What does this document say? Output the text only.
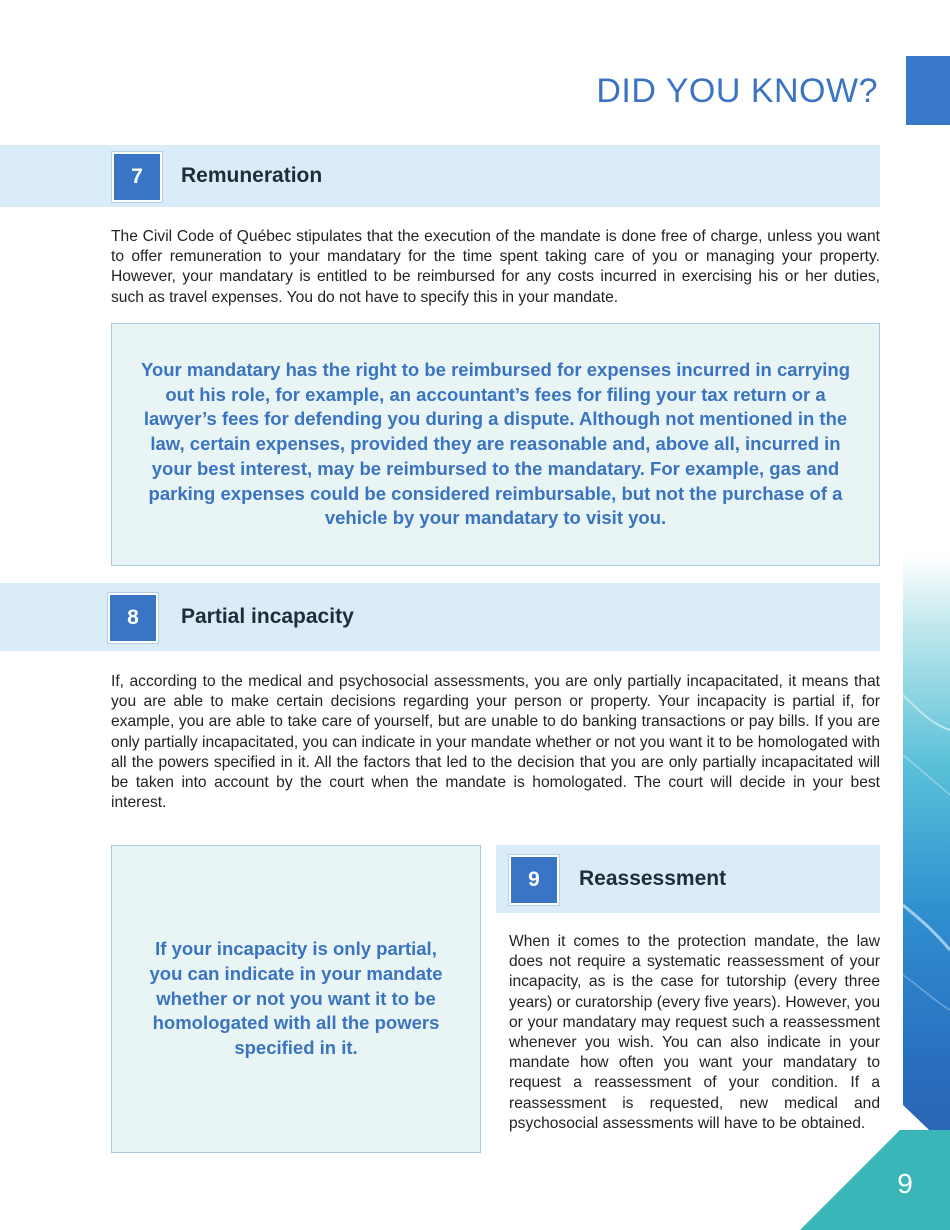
DID YOU KNOW?
9
7	Remuneration

The Civil Code of Québec stipulates that the execution of the mandate is done free of charge, unless you want to offer remuneration to your mandatary for the time spent taking care of you or managing your property. However, your mandatary is entitled to be reimbursed for any costs incurred in exercising his or her duties, such as travel expenses. You do not have to specify this in your mandate.

Your mandatary has the right to be reimbursed for expenses incurred in carrying out his role, for example, an accountant’s fees for filing your tax return or a lawyer’s fees for defending you during a dispute. Although not mentioned in the law, certain expenses, provided they are reasonable and, above all, incurred in your best interest, may be reimbursed to the mandatary. For example, gas and parking expenses could be considered reimbursable, but not the purchase of a vehicle by your mandatary to visit you.

8	Partial incapacity

If, according to the medical and psychosocial assessments, you are only partially incapacitated, it means that you are able to make certain decisions regarding your person or property. Your incapacity is partial if, for example, you are able to take care of yourself, but are unable to do banking transactions or pay bills. If you are only partially incapacitated, you can indicate in your mandate whether or not you want it to be homologated with all the powers specified in it. All the factors that led to the decision that you are only partially incapacitated will be taken into account by the court when the mandate is homologated. The court will decide in your best interest.

If your incapacity is only partial, you can indicate in your mandate whether or not you want it to be homologated with all the powers specified in it.

9	Reassessment

When it comes to the protection mandate, the law does not require a systematic reassessment of your incapacity, as is the case for tutorship (every three years) or curatorship (every five years). However, you or your mandatary may request such a reassessment whenever you wish. You can also indicate in your mandate how often you want your mandatary to request a reassessment of your condition. If a reassessment is requested, new medical and psychosocial assessments will have to be obtained.
